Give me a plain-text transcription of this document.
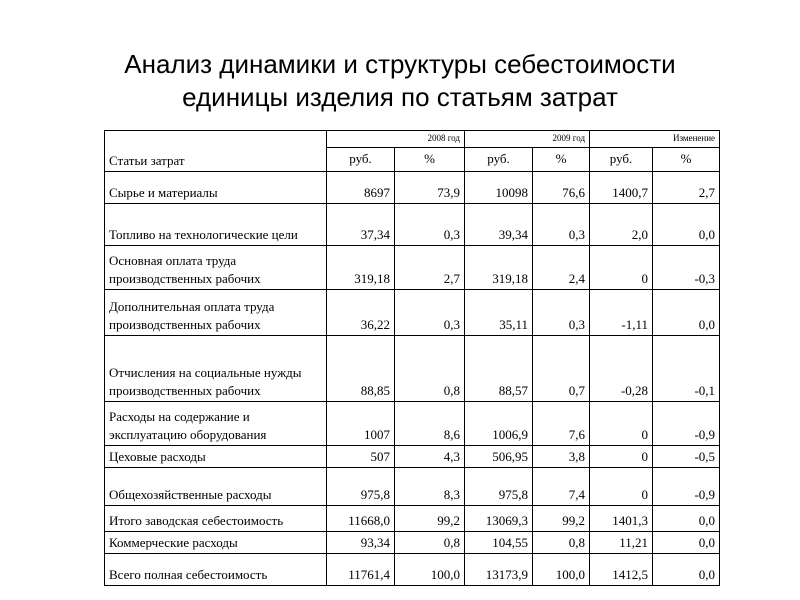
Анализ динамики и структуры себестоимости
единицы изделия по статьям затрат
Статьи затрат	2008 год		2009 год		Изменение	
	руб.	%	руб.	%	руб.	%
Сырье и материалы	8697	73,9	10098	76,6	1400,7	2,7
Топливо на технологические цели	37,34	0,3	39,34	0,3	2,0	0,0
Основная оплата труда производственных рабочих	319,18	2,7	319,18	2,4	0	-0,3
Дополнительная оплата труда производственных рабочих	36,22	0,3	35,11	0,3	-1,11	0,0
Отчисления на социальные нужды производственных рабочих	88,85	0,8	88,57	0,7	-0,28	-0,1
Расходы на содержание и эксплуатацию оборудования	1007	8,6	1006,9	7,6	0	-0,9
Цеховые расходы	507	4,3	506,95	3,8	0	-0,5
Общехозяйственные расходы	975,8	8,3	975,8	7,4	0	-0,9
Итого заводская себестоимость	11668,0	99,2	13069,3	99,2	1401,3	0,0
Коммерческие расходы	93,34	0,8	104,55	0,8	11,21	0,0
Всего полная себестоимость	11761,4	100,0	13173,9	100,0	1412,5	0,0
